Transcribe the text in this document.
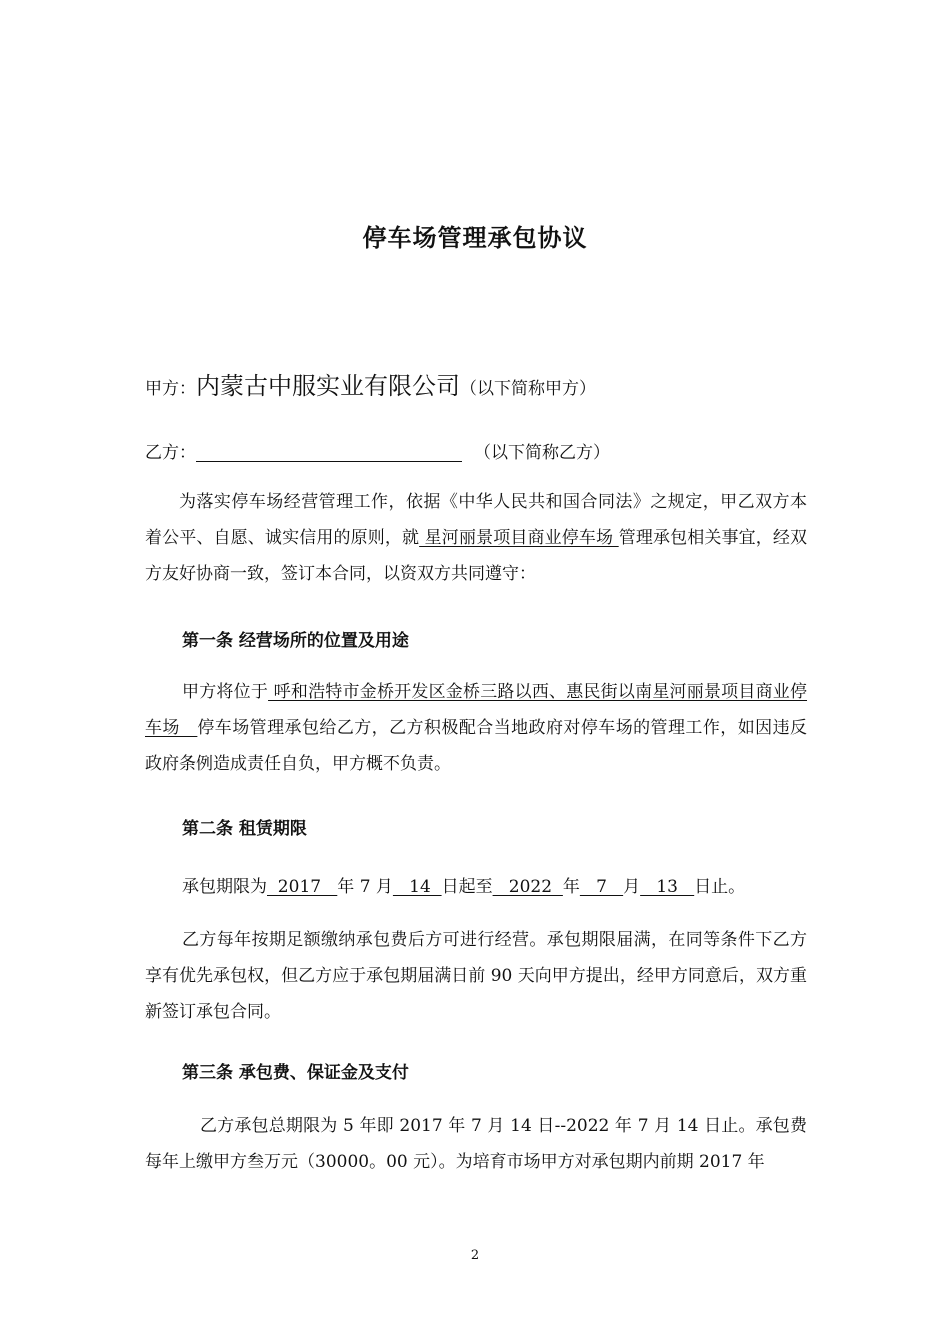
停车场管理承包协议
甲方：内蒙古中服实业有限公司（以下简称甲方）
乙方：	（以下简称乙方）
为落实停车场经营管理工作，依据《中华人民共和国合同法》之规定，甲乙双方本着公平、自愿、诚实信用的原则，就 星河丽景项目商业停车场 管理承包相关事宜，经双方友好协商一致，签订本合同，以资双方共同遵守：
第一条 经营场所的位置及用途
甲方将位于 呼和浩特市金桥开发区金桥三路以西、惠民街以南星河丽景项目商业停车场   停车场管理承包给乙方，乙方积极配合当地政府对停车场的管理工作，如因违反政府条例造成责任自负，甲方概不负责。
第二条 租赁期限
承包期限为  2017   年 7 月   14  日起至   2022  年   7   月   13   日止。
乙方每年按期足额缴纳承包费后方可进行经营。承包期限届满，在同等条件下乙方享有优先承包权，但乙方应于承包期届满日前 90 天向甲方提出，经甲方同意后，双方重新签订承包合同。
第三条 承包费、保证金及支付
乙方承包总期限为 5 年即 2017 年 7 月 14 日--2022 年 7 月 14 日止。承包费每年上缴甲方叁万元（30000。00 元）。为培育市场甲方对承包期内前期 2017 年
2
